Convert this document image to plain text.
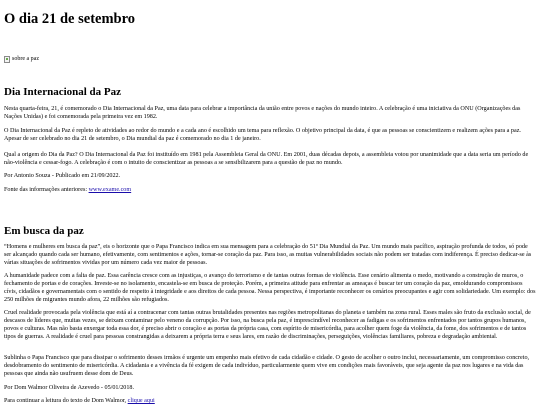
O dia 21 de setembro
sobre a paz
Dia Internacional da Paz

Nesta quarta-feira, 21, é comemorado o Dia Internacional da Paz, uma data para celebrar a importância da união entre povos e nações do mundo inteiro. A celebração é uma iniciativa da ONU (Organizações das Nações Unidas) e foi comemorada pela primeira vez em 1982.

O Dia Internacional da Paz é repleto de atividades ao redor do mundo e a cada ano é escolhido um tema para reflexão. O objetivo principal da data, é que as pessoas se conscientizem e realizem ações para a paz. Apesar de ser celebrado no dia 21 de setembro, o Dia mundial da paz é comemorado no dia 1 de janeiro.

Qual a origem do Dia da Paz? O Dia Internacional da Paz foi instituído em 1981 pela Assembleia Geral da ONU. Em 2001, duas décadas depois, a assembleia votou por unanimidade que a data seria um período de não-violência e cessar-fogo. A celebração é com o intuito de conscientizar as pessoas a se sensibilizarem para a questão de paz no mundo.

Por Antonio Souza - Publicado em 21/09/2022.

Fonte das informações anteriores: www.exame.com

Em busca da paz

“Homens e mulheres em busca da paz”, eis o horizonte que o Papa Francisco indica em sua mensagem para a celebração do 51º Dia Mundial da Paz. Um mundo mais pacífico, aspiração profunda de todos, só pode ser alcançado quando cada ser humano, efetivamente, com sentimentos e ações, tornar-se coração da paz. Para isso, as muitas vulnerabilidades sociais não podem ser tratadas com indiferença. É preciso dedicar-se às várias situações de sofrimentos vividas por um número cada vez maior de pessoas.

A humanidade padece com a falta de paz. Essa carência cresce com as injustiças, o avanço do terrorismo e de tantas outras formas de violência. Esse cenário alimenta o medo, motivando a construção de muros, o fechamento de portas e de corações. Investe-se no isolamento, encastela-se em busca de proteção. Porém, a primeira atitude para enfrentar as ameaças é buscar ter um coração da paz, emoldurando compromissos cívis, cidadãos e governamentais com o sentido de respeito à integridade e aos direitos de cada pessoa. Nessa perspectiva, é importante reconhecer os cenários preocupantes e agir com solidariedade. Um exemplo: dos 250 milhões de migrantes mundo afora, 22 milhões são refugiados.

Cruel realidade provocada pela violência que está aí a contracenar com tantas outras brutalidades presentes nas regiões metropolitanas do planeta e também na zona rural. Esses males são fruto da exclusão social, de descasos de líderes que, muitas vezes, se deixam contaminar pelo veneno da corrupção. Por isso, na busca pela paz, é imprescindível reconhecer as fadigas e os sofrimentos enfrentados por tantos grupos humanos, povos e culturas. Mas não basta enxergar toda essa dor, é preciso abrir o coração e as portas da própria casa, com espírito de misericórdia, para acolher quem foge da violência, da fome, dos sofrimentos e de tantos tipos de guerras. A realidade é cruel para pessoas constrangidas a deixarem a própria terra e seus lares, em razão de discriminações, perseguições, violências familiares, pobreza e degradação ambiental.

Sublinha o Papa Francisco que para dissipar o sofrimento desses irmãos é urgente um empenho mais efetivo de cada cidadão e cidade. O gesto de acolher o outro inclui, necessariamente, um compromisso concreto, desdobramento do sentimento de misericórdia. A cidadania e a vivência da fé exigem de cada indivíduo, particularmente quem vive em condições mais favoráveis, que seja agente da paz nos lugares e na vida das pessoas que ainda não usufruem desse dom de Deus.

Por Dom Walmor Oliveira de Azevedo - 05/01/2018.

Para continuar a leitura do texto de Dom Walmor, clique aqui
